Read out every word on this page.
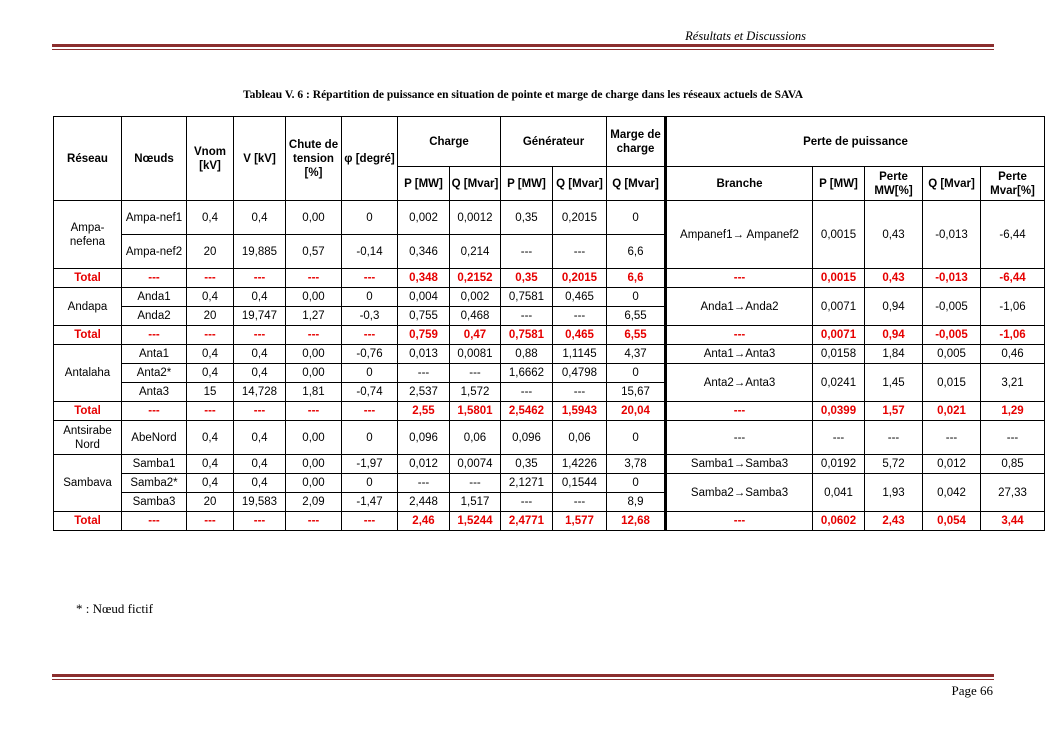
Résultats et Discussions
Tableau V. 6 : Répartition de puissance en situation de pointe et marge de charge dans les réseaux actuels de SAVA
Réseau	Nœuds	Vnom [kV]	V [kV]	Chute de tension [%]	φ [degré]	Charge		Générateur		Marge de charge	Perte de puissance				
						P [MW]	Q [Mvar]	P [MW]	Q [Mvar]	Q [Mvar]	Branche	P [MW]	Perte MW[%]	Q [Mvar]	Perte Mvar[%]
Ampa-nefena	Ampa-nef1	0,4	0,4	0,00	0	0,002	0,0012	0,35	0,2015	0	Ampanef1→ Ampanef2	0,0015	0,43	-0,013	-6,44
	Ampa-nef2	20	19,885	0,57	-0,14	0,346	0,214	---	---	6,6					
Total	---	---	---	---	---	0,348	0,2152	0,35	0,2015	6,6	---	0,0015	0,43	-0,013	-6,44
Andapa	Anda1	0,4	0,4	0,00	0	0,004	0,002	0,7581	0,465	0	Anda1→Anda2	0,0071	0,94	-0,005	-1,06
	Anda2	20	19,747	1,27	-0,3	0,755	0,468	---	---	6,55					
Total	---	---	---	---	---	0,759	0,47	0,7581	0,465	6,55	---	0,0071	0,94	-0,005	-1,06
Antalaha	Anta1	0,4	0,4	0,00	-0,76	0,013	0,0081	0,88	1,1145	4,37	Anta1→Anta3	0,0158	1,84	0,005	0,46
	Anta2*	0,4	0,4	0,00	0	---	---	1,6662	0,4798	0	Anta2→Anta3	0,0241	1,45	0,015	3,21
	Anta3	15	14,728	1,81	-0,74	2,537	1,572	---	---	15,67					
Total	---	---	---	---	---	2,55	1,5801	2,5462	1,5943	20,04	---	0,0399	1,57	0,021	1,29
Antsirabe Nord	AbeNord	0,4	0,4	0,00	0	0,096	0,06	0,096	0,06	0	---	---	---	---	---
Sambava	Samba1	0,4	0,4	0,00	-1,97	0,012	0,0074	0,35	1,4226	3,78	Samba1→Samba3	0,0192	5,72	0,012	0,85
	Samba2*	0,4	0,4	0,00	0	---	---	2,1271	0,1544	0	Samba2→Samba3	0,041	1,93	0,042	27,33
	Samba3	20	19,583	2,09	-1,47	2,448	1,517	---	---	8,9					
Total	---	---	---	---	---	2,46	1,5244	2,4771	1,577	12,68	---	0,0602	2,43	0,054	3,44
* : Nœud fictif
Page 66
